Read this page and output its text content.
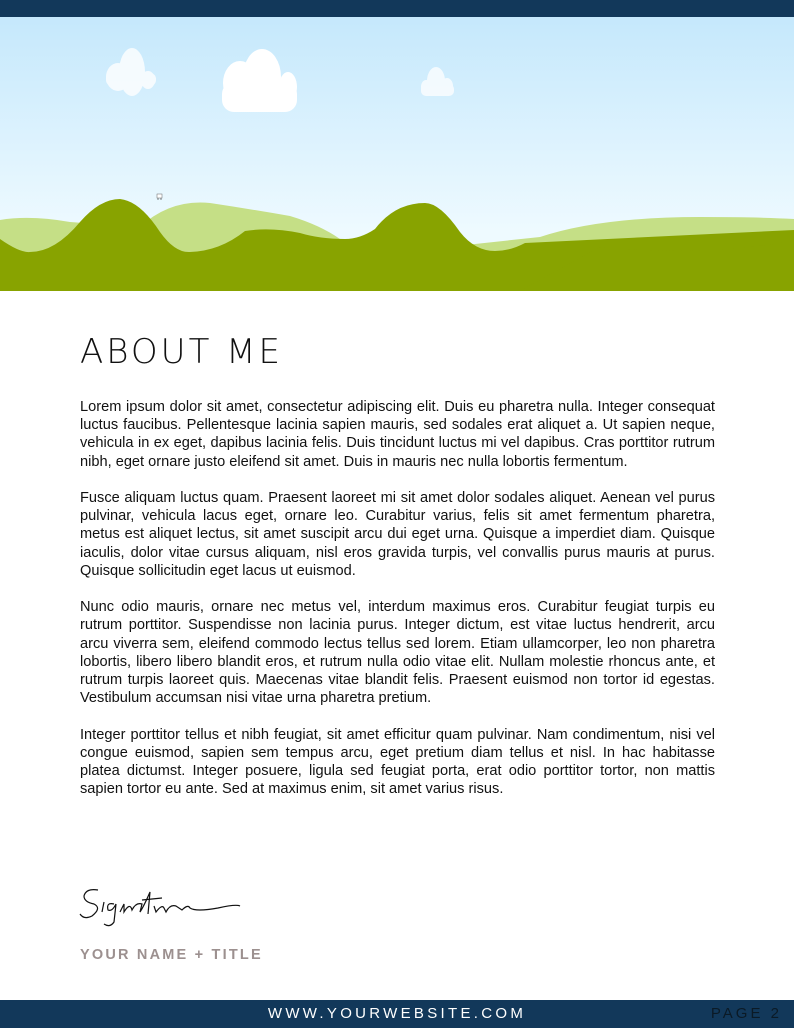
ABOUT ME

Lorem ipsum dolor sit amet, consectetur adipiscing elit. Duis eu pharetra nulla. Integer consequat luctus faucibus. Pellentesque lacinia sapien mauris, sed sodales erat aliquet a. Ut sapien neque, vehicula in ex eget, dapibus lacinia felis. Duis tincidunt luctus mi vel dapibus. Cras porttitor rutrum nibh, eget ornare justo eleifend sit amet. Duis in mauris nec nulla lobortis fermentum.

Fusce aliquam luctus quam. Praesent laoreet mi sit amet dolor sodales aliquet. Aenean vel purus pulvinar, vehicula lacus eget, ornare leo. Curabitur varius, felis sit amet fermentum pharetra, metus est aliquet lectus, sit amet suscipit arcu dui eget urna. Quisque a imperdiet diam. Quisque iaculis, dolor vitae cursus aliquam, nisl eros gravida turpis, vel convallis purus mauris at purus. Quisque sollicitudin eget lacus ut euismod.

Nunc odio mauris, ornare nec metus vel, interdum maximus eros. Curabitur feugiat turpis eu rutrum porttitor. Suspendisse non lacinia purus. Integer dictum, est vitae luctus hendrerit, arcu arcu viverra sem, eleifend commodo lectus tellus sed lorem. Etiam ullamcorper, leo non pharetra lobortis, libero libero blandit eros, et rutrum nulla odio vitae elit. Nullam molestie rhoncus ante, et rutrum turpis laoreet quis. Maecenas vitae blandit felis. Praesent euismod non tortor id egestas. Vestibulum accumsan nisi vitae urna pharetra pretium.

Integer porttitor tellus et nibh feugiat, sit amet efficitur quam pulvinar. Nam condimentum, nisi vel congue euismod, sapien sem tempus arcu, eget pretium diam tellus et nisl. In hac habitasse platea dictumst. Integer posuere, ligula sed feugiat porta, erat odio porttitor tortor, non mattis sapien tortor eu ante. Sed at maximus enim, sit amet varius risus.

YOUR NAME + TITLE
WWW.YOURWEBSITE.COM	PAGE 2
